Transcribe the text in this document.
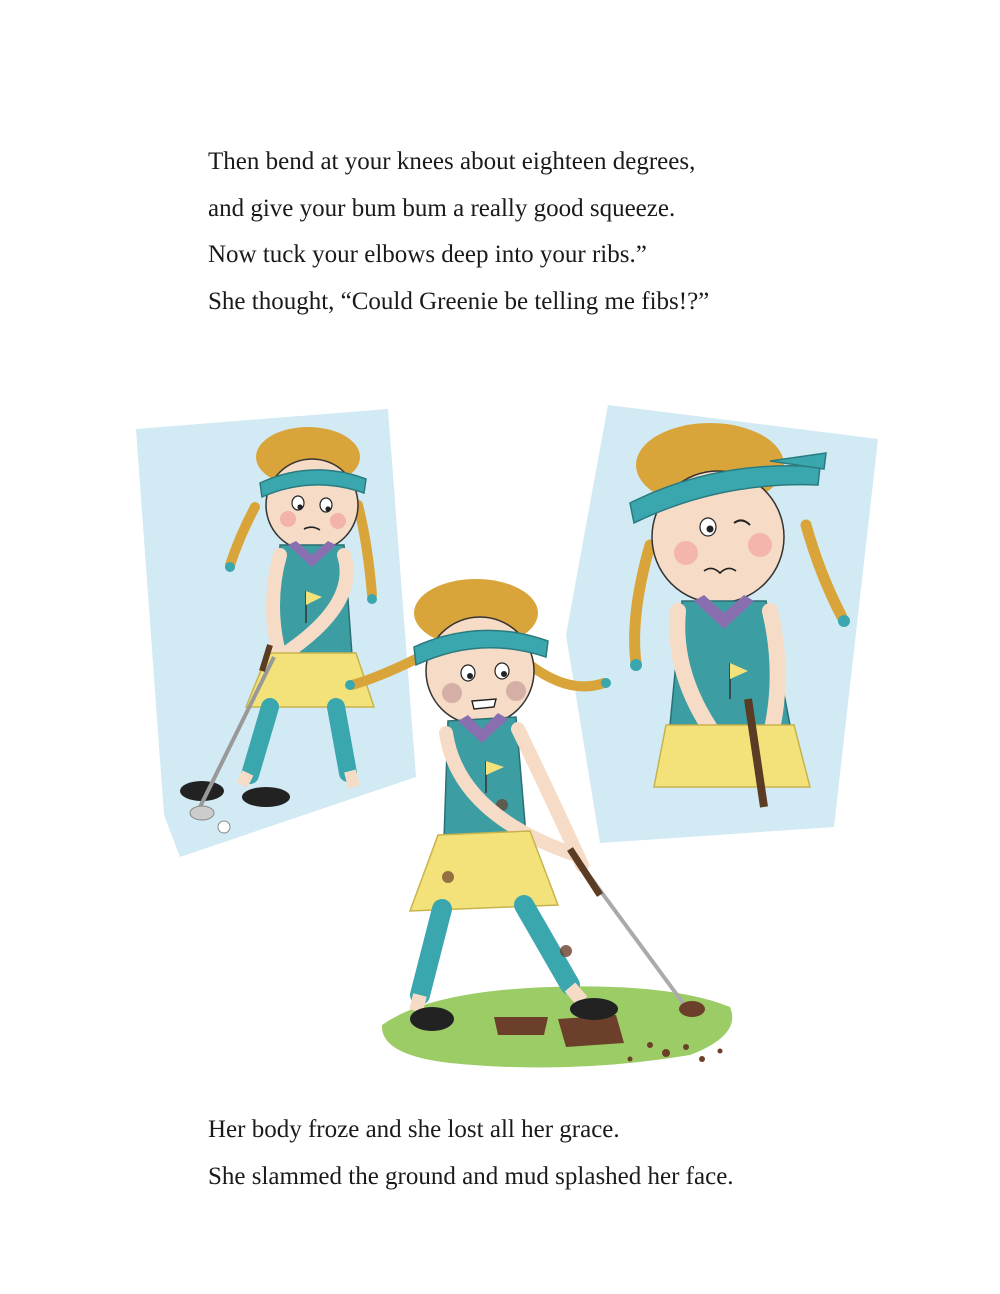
Then bend at your knees about eighteen degrees,

and give your bum bum a really good squeeze.

Now tuck your elbows deep into your ribs.”

She thought, “Could Greenie be telling me fibs!?”

Her body froze and she lost all her grace.

She slammed the ground and mud splashed her face.
